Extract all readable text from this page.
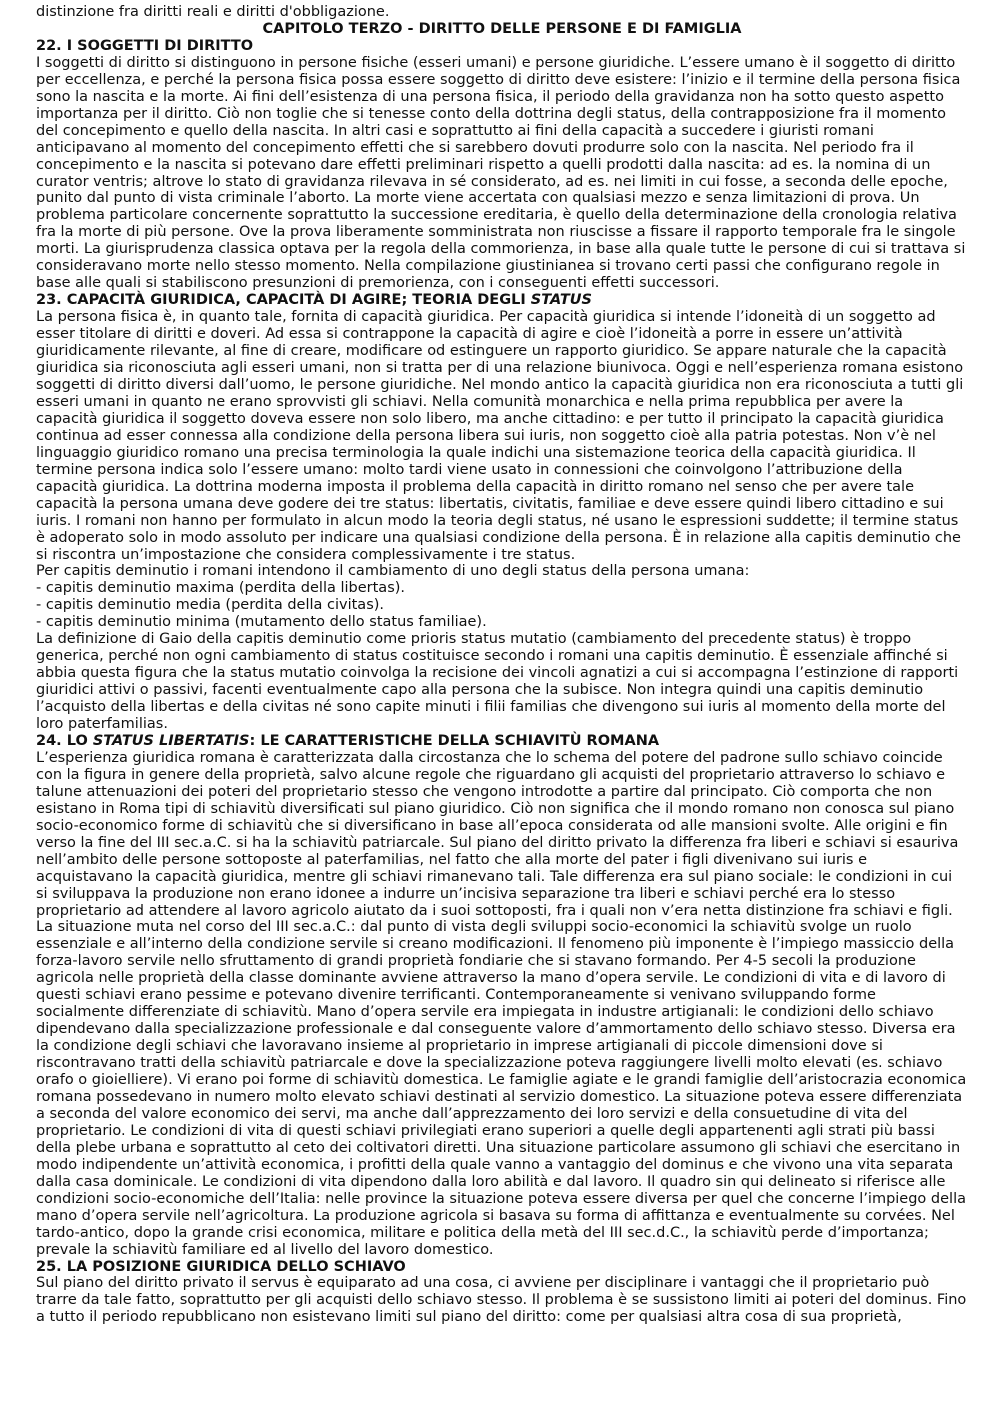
distinzione fra diritti reali e diritti d'obbligazione.

CAPITOLO TERZO - DIRITTO DELLE PERSONE E DI FAMIGLIA
22. I SOGGETTI DI DIRITTO

I soggetti di diritto si distinguono in persone fisiche (esseri umani) e persone giuridiche. L’essere umano è il soggetto di diritto per eccellenza, e perché la persona fisica possa essere soggetto di diritto deve esistere: l’inizio e il termine della persona fisica sono la nascita e la morte. Ai fini dell’esistenza di una persona fisica, il periodo della gravidanza non ha sotto questo aspetto importanza per il diritto. Ciò non toglie che si tenesse conto della dottrina degli status, della contrapposizione fra il momento del concepimento e quello della nascita. In altri casi e soprattutto ai fini della capacità a succedere i giuristi romani anticipavano al momento del concepimento effetti che si sarebbero dovuti produrre solo con la nascita. Nel periodo fra il concepimento e la nascita si potevano dare effetti preliminari rispetto a quelli prodotti dalla nascita: ad es. la nomina di un curator ventris; altrove lo stato di gravidanza rilevava in sé considerato, ad es. nei limiti in cui fosse, a seconda delle epoche, punito dal punto di vista criminale l’aborto. La morte viene accertata con qualsiasi mezzo e senza limitazioni di prova. Un problema particolare concernente soprattutto la successione ereditaria, è quello della determinazione della cronologia relativa fra la morte di più persone. Ove la prova liberamente somministrata non riuscisse a fissare il rapporto temporale fra le singole morti. La giurisprudenza classica optava per la regola della commorienza, in base alla quale tutte le persone di cui si trattava si consideravano morte nello stesso momento. Nella compilazione giustinianea si trovano certi passi che configurano regole in base alle quali si stabiliscono presunzioni di premorienza, con i conseguenti effetti successori.

23. CAPACITÀ GIURIDICA, CAPACITÀ DI AGIRE; TEORIA DEGLI STATUS

La persona fisica è, in quanto tale, fornita di capacità giuridica. Per capacità giuridica si intende l’idoneità di un soggetto ad esser titolare di diritti e doveri. Ad essa si contrappone la capacità di agire e cioè l’idoneità a porre in essere un’attività giuridicamente rilevante, al fine di creare, modificare od estinguere un rapporto giuridico. Se appare naturale che la capacità giuridica sia riconosciuta agli esseri umani, non si tratta per di una relazione biunivoca. Oggi e nell’esperienza romana esistono soggetti di diritto diversi dall’uomo, le persone giuridiche. Nel mondo antico la capacità giuridica non era riconosciuta a tutti gli esseri umani in quanto ne erano sprovvisti gli schiavi. Nella comunità monarchica e nella prima repubblica per avere la capacità giuridica il soggetto doveva essere non solo libero, ma anche cittadino: e per tutto il principato la capacità giuridica continua ad esser connessa alla condizione della persona libera sui iuris, non soggetto cioè alla patria potestas. Non v’è nel linguaggio giuridico romano una precisa terminologia la quale indichi una sistemazione teorica della capacità giuridica. Il termine persona indica solo l’essere umano: molto tardi viene usato in connessioni che coinvolgono l’attribuzione della capacità giuridica. La dottrina moderna imposta il problema della capacità in diritto romano nel senso che per avere tale capacità la persona umana deve godere dei tre status: libertatis, civitatis, familiae e deve essere quindi libero cittadino e sui iuris. I romani non hanno per formulato in alcun modo la teoria degli status, né usano le espressioni suddette; il termine status è adoperato solo in modo assoluto per indicare una qualsiasi condizione della persona. È in relazione alla capitis deminutio che si riscontra un’impostazione che considera complessivamente i tre status.

Per capitis deminutio i romani intendono il cambiamento di uno degli status della persona umana:

- capitis deminutio maxima (perdita della libertas).
- capitis deminutio media (perdita della civitas).
- capitis deminutio minima (mutamento dello status familiae).

La definizione di Gaio della capitis deminutio come prioris status mutatio (cambiamento del precedente status) è troppo generica, perché non ogni cambiamento di status costituisce secondo i romani una capitis deminutio. È essenziale affinché si abbia questa figura che la status mutatio coinvolga la recisione dei vincoli agnatizi a cui si accompagna l’estinzione di rapporti giuridici attivi o passivi, facenti eventualmente capo alla persona che la subisce. Non integra quindi una capitis deminutio l’acquisto della libertas e della civitas né sono capite minuti i filii familias che divengono sui iuris al momento della morte del loro paterfamilias.

24. LO STATUS LIBERTATIS: LE CARATTERISTICHE DELLA SCHIAVITÙ ROMANA

L’esperienza giuridica romana è caratterizzata dalla circostanza che lo schema del potere del padrone sullo schiavo coincide con la figura in genere della proprietà, salvo alcune regole che riguardano gli acquisti del proprietario attraverso lo schiavo e talune attenuazioni dei poteri del proprietario stesso che vengono introdotte a partire dal principato. Ciò comporta che non esistano in Roma tipi di schiavitù diversificati sul piano giuridico. Ciò non significa che il mondo romano non conosca sul piano socio-economico forme di schiavitù che si diversificano in base all’epoca considerata od alle mansioni svolte. Alle origini e fin verso la fine del III sec.a.C. si ha la schiavitù patriarcale. Sul piano del diritto privato la differenza fra liberi e schiavi si esauriva nell’ambito delle persone sottoposte al paterfamilias, nel fatto che alla morte del pater i figli divenivano sui iuris e acquistavano la capacità giuridica, mentre gli schiavi rimanevano tali. Tale differenza era sul piano sociale: le condizioni in cui si sviluppava la produzione non erano idonee a indurre un’incisiva separazione tra liberi e schiavi perché era lo stesso proprietario ad attendere al lavoro agricolo aiutato da i suoi sottoposti, fra i quali non v’era netta distinzione fra schiavi e figli. La situazione muta nel corso del III sec.a.C.: dal punto di vista degli sviluppi socio-economici la schiavitù svolge un ruolo essenziale e all’interno della condizione servile si creano modificazioni. Il fenomeno più imponente è l’impiego massiccio della forza-lavoro servile nello sfruttamento di grandi proprietà fondiarie che si stavano formando. Per 4-5 secoli la produzione agricola nelle proprietà della classe dominante avviene attraverso la mano d’opera servile. Le condizioni di vita e di lavoro di questi schiavi erano pessime e potevano divenire terrificanti. Contemporaneamente si venivano sviluppando forme socialmente differenziate di schiavitù. Mano d’opera servile era impiegata in industre artigianali: le condizioni dello schiavo dipendevano dalla specializzazione professionale e dal conseguente valore d’ammortamento dello schiavo stesso. Diversa era la condizione degli schiavi che lavoravano insieme al proprietario in imprese artigianali di piccole dimensioni dove si riscontravano tratti della schiavitù patriarcale e dove la specializzazione poteva raggiungere livelli molto elevati (es. schiavo orafo o gioielliere). Vi erano poi forme di schiavitù domestica. Le famiglie agiate e le grandi famiglie dell’aristocrazia economica romana possedevano in numero molto elevato schiavi destinati al servizio domestico. La situazione poteva essere differenziata a seconda del valore economico dei servi, ma anche dall’apprezzamento dei loro servizi e della consuetudine di vita del proprietario. Le condizioni di vita di questi schiavi privilegiati erano superiori a quelle degli appartenenti agli strati più bassi della plebe urbana e soprattutto al ceto dei coltivatori diretti. Una situazione particolare assumono gli schiavi che esercitano in modo indipendente un’attività economica, i profitti della quale vanno a vantaggio del dominus e che vivono una vita separata dalla casa dominicale. Le condizioni di vita dipendono dalla loro abilità e dal lavoro. Il quadro sin qui delineato si riferisce alle condizioni socio-economiche dell’Italia: nelle province la situazione poteva essere diversa per quel che concerne l’impiego della mano d’opera servile nell’agricoltura. La produzione agricola si basava su forma di affittanza e eventualmente su corvées. Nel tardo-antico, dopo la grande crisi economica, militare e politica della metà del III sec.d.C., la schiavitù perde d’importanza; prevale la schiavitù familiare ed al livello del lavoro domestico.

25. LA POSIZIONE GIURIDICA DELLO SCHIAVO

Sul piano del diritto privato il servus è equiparato ad una cosa, ci avviene per disciplinare i vantaggi che il proprietario può trarre da tale fatto, soprattutto per gli acquisti dello schiavo stesso. Il problema è se sussistono limiti ai poteri del dominus. Fino a tutto il periodo repubblicano non esistevano limiti sul piano del diritto: come per qualsiasi altra cosa di sua proprietà,
